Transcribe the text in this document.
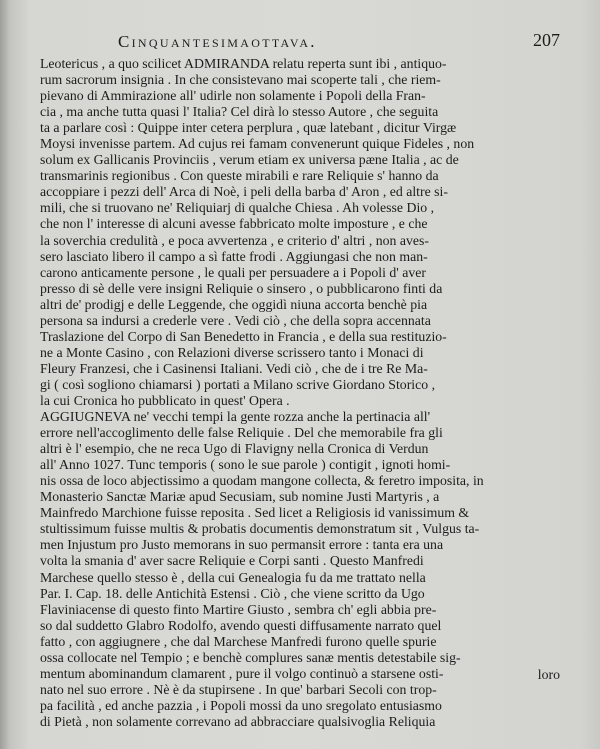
Cinquantesimaottava.	207
Leotericus , a quo scilicet ADMIRANDA relatu reperta sunt ibi , antiquo-
rum sacrorum insignia . In che consistevano mai scoperte tali , che riem-
pievano di Ammirazione all' udirle non solamente i Popoli della Fran-
cia , ma anche tutta quasi l' Italia? Cel dirà lo stesso Autore , che seguita
ta a parlare così : Quippe inter cetera perplura , quæ latebant , dicitur Virgæ
Moysi invenisse partem. Ad cujus rei famam convenerunt quique Fideles , non
solum ex Gallicanis Provinciis , verum etiam ex universa pæne Italia , ac de
transmarinis regionibus . Con queste mirabili e rare Reliquie s' hanno da
accoppiare i pezzi dell' Arca di Noè, i peli della barba d' Aron , ed altre si-
mili, che si truovano ne' Reliquiarj di qualche Chiesa . Ah volesse Dio ,
che non l' interesse di alcuni avesse fabbricato molte imposture , e che
la soverchia credulità , e poca avvertenza , e criterio d' altri , non aves-
sero lasciato libero il campo a sì fatte frodi . Aggiungasi che non man-
carono anticamente persone , le quali per persuadere a i Popoli d' aver
presso di sè delle vere insigni Reliquie o sinsero , o pubblicarono finti da
altri de' prodigj e delle Leggende, che oggidì niuna accorta benchè pia
persona sa indursi a crederle vere . Vedi ciò , che della sopra accennata
Traslazione del Corpo di San Benedetto in Francia , e della sua restituzio-
ne a Monte Casino , con Relazioni diverse scrissero tanto i Monaci di
Fleury Franzesi, che i Casinensi Italiani. Vedi ciò , che de i tre Re Ma-
gi ( così sogliono chiamarsi ) portati a Milano scrive Giordano Storico ,
la cui Cronica ho pubblicato in quest' Opera .
AGGIUGNEVA ne' vecchi tempi la gente rozza anche la pertinacia all'
errore nell'accoglimento delle false Reliquie . Del che memorabile fra gli
altri è l' esempio, che ne reca Ugo di Flavigny nella Cronica di Verdun
all' Anno 1027. Tunc temporis ( sono le sue parole ) contigit , ignoti homi-
nis ossa de loco abjectissimo a quodam mangone collecta, & feretro imposita, in
Monasterio Sanctæ Mariæ apud Secusiam, sub nomine Justi Martyris , a
Mainfredo Marchione fuisse reposita . Sed licet a Religiosis id vanissimum &
stultissimum fuisse multis & probatis documentis demonstratum sit , Vulgus ta-
men Injustum pro Justo memorans in suo permansit errore : tanta era una
volta la smania d' aver sacre Reliquie e Corpi santi . Questo Manfredi
Marchese quello stesso è , della cui Genealogia fu da me trattato nella
Par. I. Cap. 18. delle Antichità Estensi . Ciò , che viene scritto da Ugo
Flaviniacense di questo finto Martire Giusto , sembra ch' egli abbia pre-
so dal suddetto Glabro Rodolfo, avendo questi diffusamente narrato quel
fatto , con aggiugnere , che dal Marchese Manfredi furono quelle spurie
ossa collocate nel Tempio ; e benchè complures sanæ mentis detestabile sig-
mentum abominandum clamarent , pure il volgo continuò a starsene osti-
nato nel suo errore . Nè è da stupirsene . In que' barbari Secoli con trop-
pa facilità , ed anche pazzia , i Popoli mossi da uno sregolato entusiasmo
di Pietà , non solamente correvano ad abbracciare qualsivoglia Reliquia
loro
